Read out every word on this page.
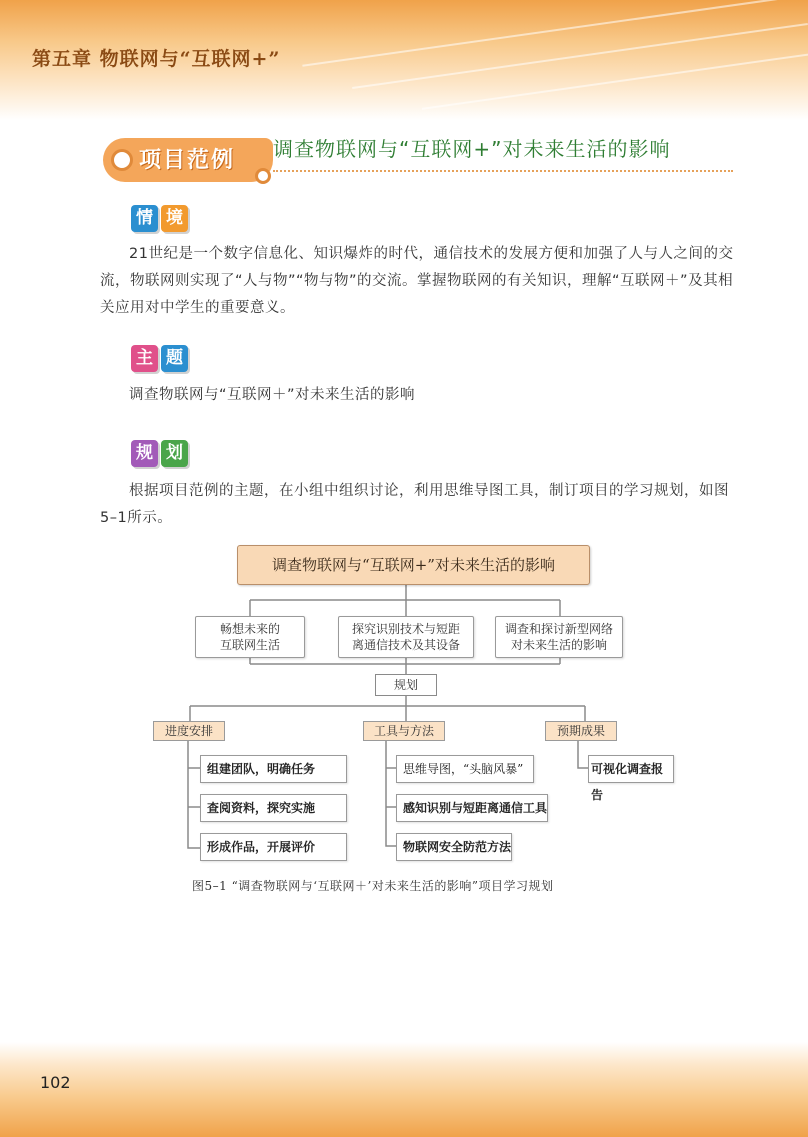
第五章 物联网与“互联网+”
项目范例 调查物联网与“互联网+”对未来生活的影响
情 境
21世纪是一个数字信息化、知识爆炸的时代，通信技术的发展方便和加强了人与人之间的交流，物联网则实现了“人与物”“物与物”的交流。掌握物联网的有关知识，理解“互联网＋”及其相关应用对中学生的重要意义。
主 题
调查物联网与“互联网＋”对未来生活的影响
规 划
根据项目范例的主题，在小组中组织讨论，利用思维导图工具，制订项目的学习规划，如图5–1所示。
调查物联网与“互联网+”对未来生活的影响
畅想未来的
互联网生活
探究识别技术与短距
离通信技术及其设备
调查和探讨新型网络
对未来生活的影响
规划
进度安排	工具与方法	预期成果
组建团队，明确任务
查阅资料，探究实施
形成作品，开展评价
思维导图，“头脑风暴”
感知识别与短距离通信工具
物联网安全防范方法
可视化调查报告
图5–1 “调查物联网与‘互联网＋’对未来生活的影响”项目学习规划
102
